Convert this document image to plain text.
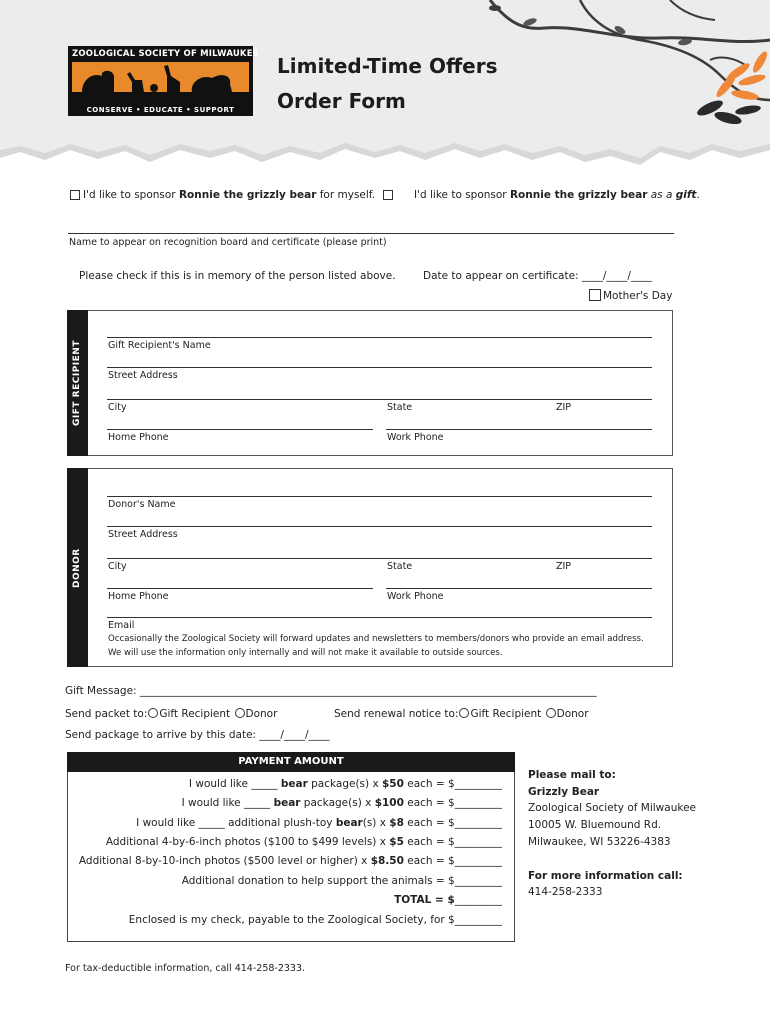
ZOOLOGICAL SOCIETY OF MILWAUKEE
CONSERVE • EDUCATE • SUPPORT
Limited-Time Offers
Order Form
I'd like to sponsor Ronnie the grizzly bear for myself.	I'd like to sponsor Ronnie the grizzly bear as a gift.
Name to appear on recognition board and certificate (please print)
Please check if this is in memory of the person listed above.	Date to appear on certificate: ____/____/____
Mother's Day
GIFT RECIPIENT	Gift Recipient's Name
Street Address
City	State	ZIP
Home Phone	Work Phone
DONOR
Donor's Name
Street Address
City	State	ZIP
Home Phone	Work Phone
Email
Occasionally the Zoological Society will forward updates and newsletters to members/donors who provide an email address.
We will use the information only internally and will not make it available to outside sources.
Gift Message: _______________________________________________________________________________________
Send packet to: Gift Recipient Donor	Send renewal notice to: Gift Recipient Donor
Send package to arrive by this date: ____/____/____
PAYMENT AMOUNT
I would like _____ bear package(s) x $50 each = $_________
I would like _____ bear package(s) x $100 each = $_________
I would like _____ additional plush-toy bear(s) x $8 each = $_________
Additional 4-by-6-inch photos ($100 to $499 levels) x $5 each = $_________
Additional 8-by-10-inch photos ($500 level or higher) x $8.50 each = $_________
Additional donation to help support the animals = $_________
TOTAL = $_________
Enclosed is my check, payable to the Zoological Society, for $_________
Please mail to:
Grizzly Bear
Zoological Society of Milwaukee
10005 W. Bluemound Rd.
Milwaukee, WI 53226-4383
For more information call:
414-258-2333
For tax-deductible information, call 414-258-2333.
